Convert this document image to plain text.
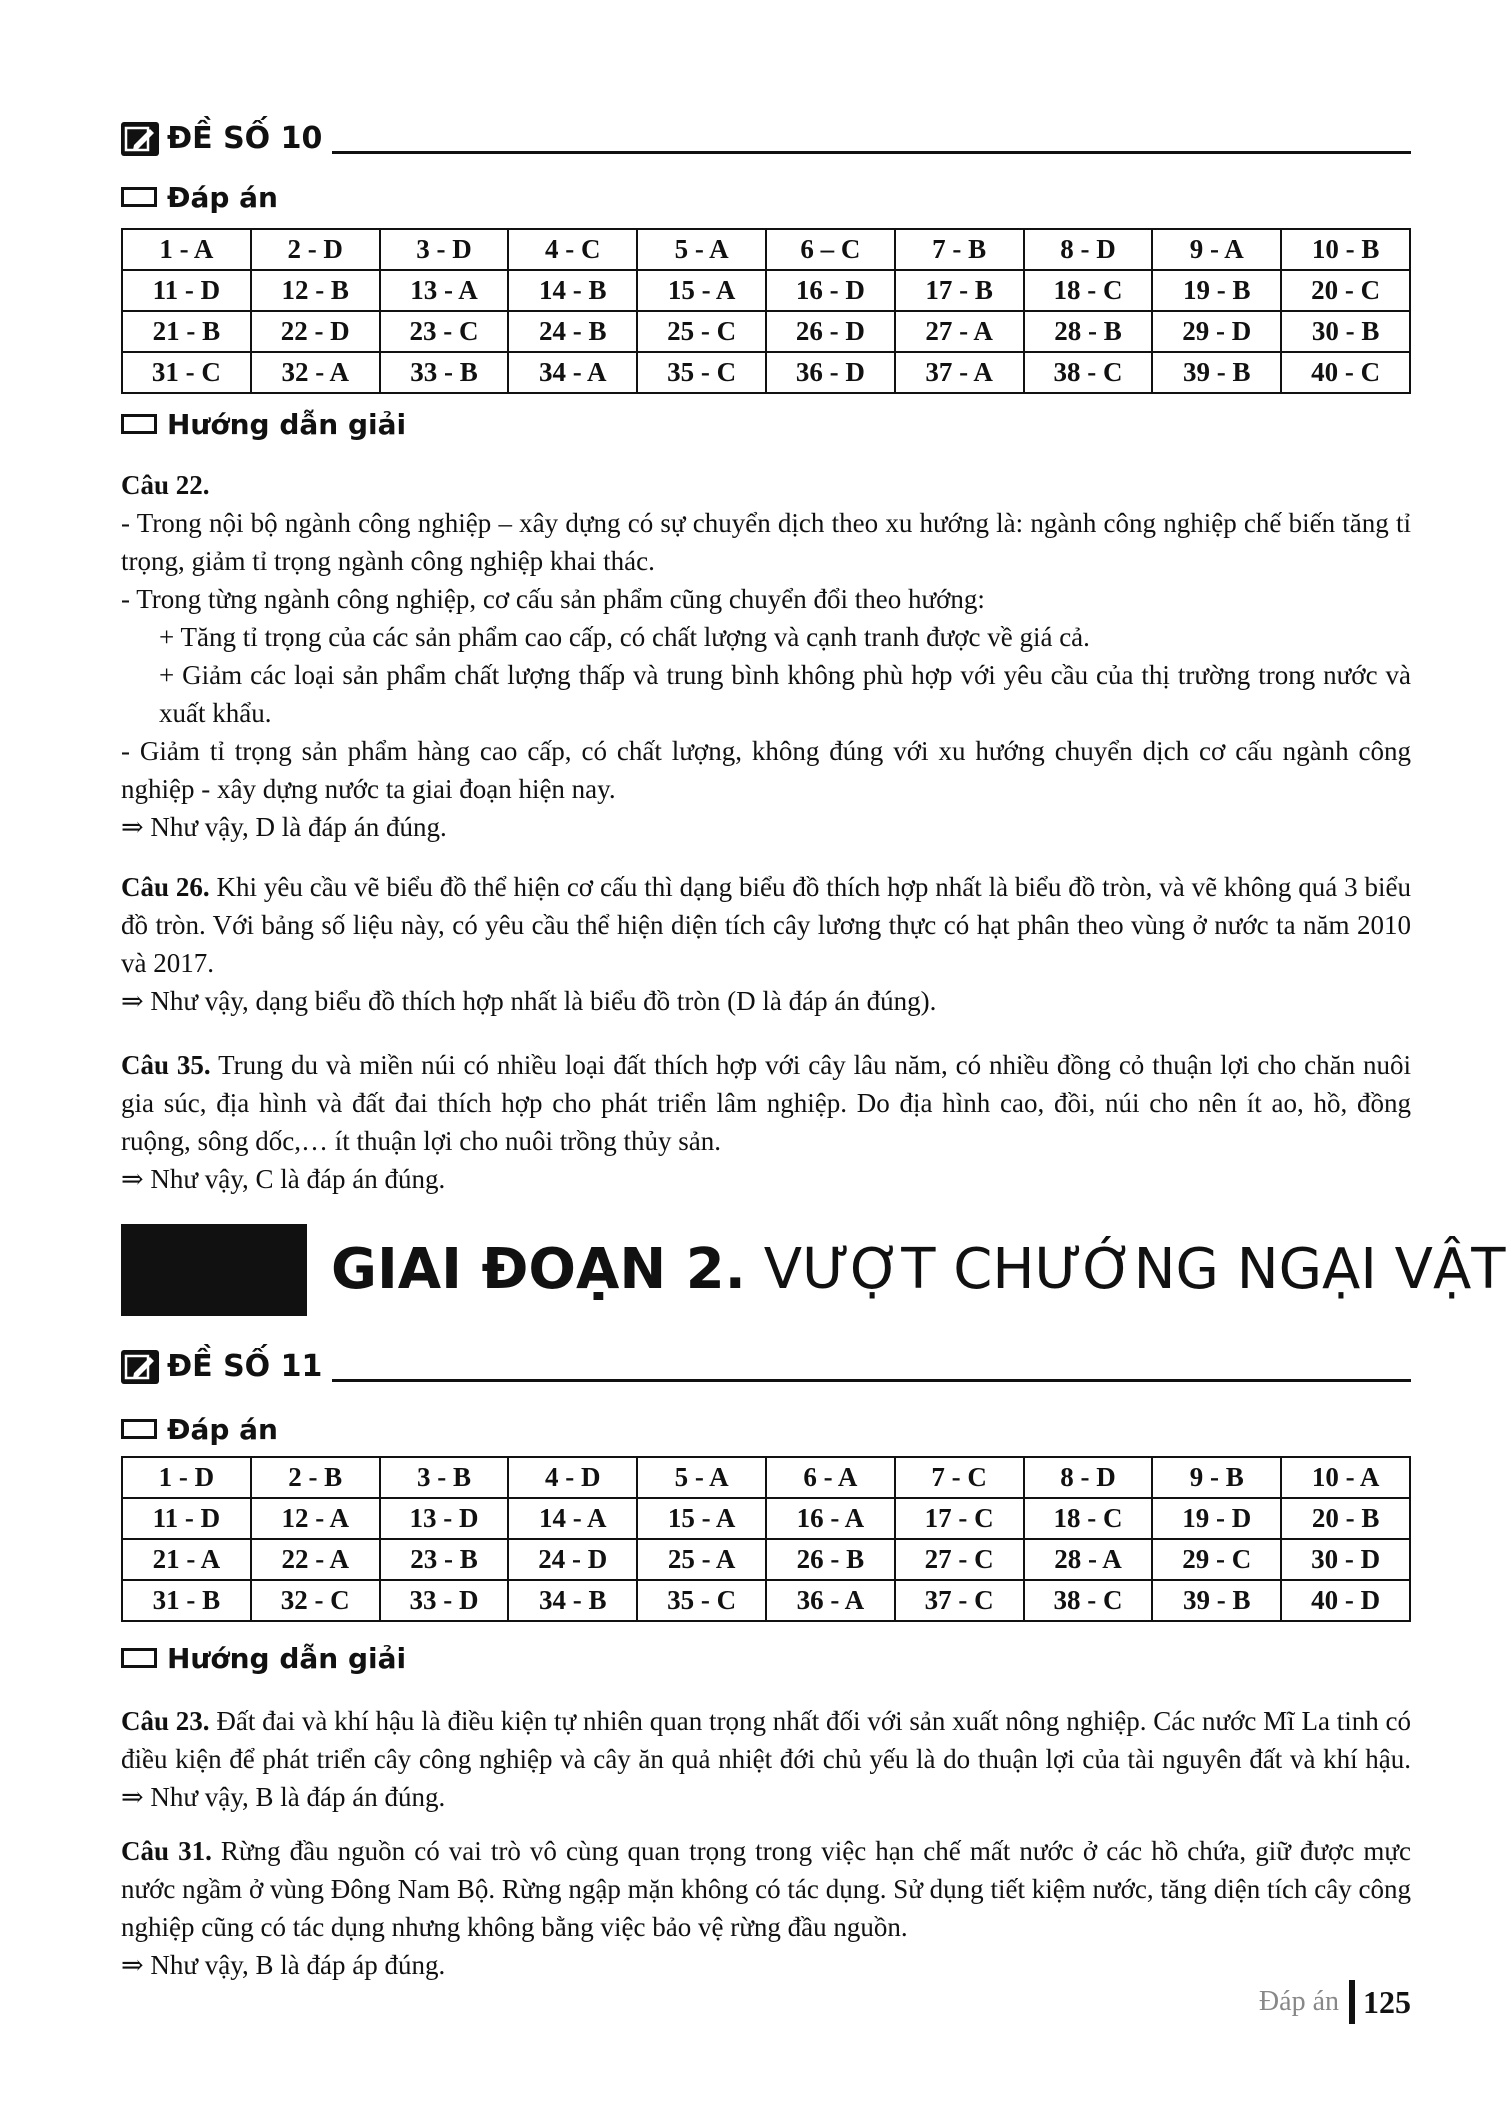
ĐỀ SỐ 10
Đáp án
1 - A	2 - D	3 - D	4 - C	5 - A	6 – C	7 - B	8 - D	9 - A	10 - B
11 - D	12 - B	13 - A	14 - B	15 - A	16 - D	17 - B	18 - C	19 - B	20 - C
21 - B	22 - D	23 - C	24 - B	25 - C	26 - D	27 - A	28 - B	29 - D	30 - B
31 - C	32 - A	33 - B	34 - A	35 - C	36 - D	37 - A	38 - C	39 - B	40 - C
Hướng dẫn giải

Câu 22.

- Trong nội bộ ngành công nghiệp – xây dựng có sự chuyển dịch theo xu hướng là: ngành công nghiệp chế biến tăng tỉ trọng, giảm tỉ trọng ngành công nghiệp khai thác.

- Trong từng ngành công nghiệp, cơ cấu sản phẩm cũng chuyển đổi theo hướng:

+ Tăng tỉ trọng của các sản phẩm cao cấp, có chất lượng và cạnh tranh được về giá cả.

+ Giảm các loại sản phẩm chất lượng thấp và trung bình không phù hợp với yêu cầu của thị trường trong nước và xuất khẩu.

- Giảm tỉ trọng sản phẩm hàng cao cấp, có chất lượng, không đúng với xu hướng chuyển dịch cơ cấu ngành công nghiệp - xây dựng nước ta giai đoạn hiện nay.

⇒ Như vậy, D là đáp án đúng.

Câu 26. Khi yêu cầu vẽ biểu đồ thể hiện cơ cấu thì dạng biểu đồ thích hợp nhất là biểu đồ tròn, và vẽ không quá 3 biểu đồ tròn. Với bảng số liệu này, có yêu cầu thể hiện diện tích cây lương thực có hạt phân theo vùng ở nước ta năm 2010 và 2017.

⇒ Như vậy, dạng biểu đồ thích hợp nhất là biểu đồ tròn (D là đáp án đúng).

Câu 35. Trung du và miền núi có nhiều loại đất thích hợp với cây lâu năm, có nhiều đồng cỏ thuận lợi cho chăn nuôi gia súc, địa hình và đất đai thích hợp cho phát triển lâm nghiệp. Do địa hình cao, đồi, núi cho nên ít ao, hồ, đồng ruộng, sông dốc,… ít thuận lợi cho nuôi trồng thủy sản.

⇒ Như vậy, C là đáp án đúng.

GIAI ĐOẠN 2. VƯỢT CHƯỚNG NGẠI VẬT
ĐỀ SỐ 11
Đáp án
1 - D	2 - B	3 - B	4 - D	5 - A	6 - A	7 - C	8 - D	9 - B	10 - A
11 - D	12 - A	13 - D	14 - A	15 - A	16 - A	17 - C	18 - C	19 - D	20 - B
21 - A	22 - A	23 - B	24 - D	25 - A	26 - B	27 - C	28 - A	29 - C	30 - D
31 - B	32 - C	33 - D	34 - B	35 - C	36 - A	37 - C	38 - C	39 - B	40 - D
Hướng dẫn giải

Câu 23. Đất đai và khí hậu là điều kiện tự nhiên quan trọng nhất đối với sản xuất nông nghiệp. Các nước Mĩ La tinh có điều kiện để phát triển cây công nghiệp và cây ăn quả nhiệt đới chủ yếu là do thuận lợi của tài nguyên đất và khí hậu. ⇒ Như vậy, B là đáp án đúng.

Câu 31. Rừng đầu nguồn có vai trò vô cùng quan trọng trong việc hạn chế mất nước ở các hồ chứa, giữ được mực nước ngầm ở vùng Đông Nam Bộ. Rừng ngập mặn không có tác dụng. Sử dụng tiết kiệm nước, tăng diện tích cây công nghiệp cũng có tác dụng nhưng không bằng việc bảo vệ rừng đầu nguồn.

⇒ Như vậy, B là đáp áp đúng.

Đáp án 125
